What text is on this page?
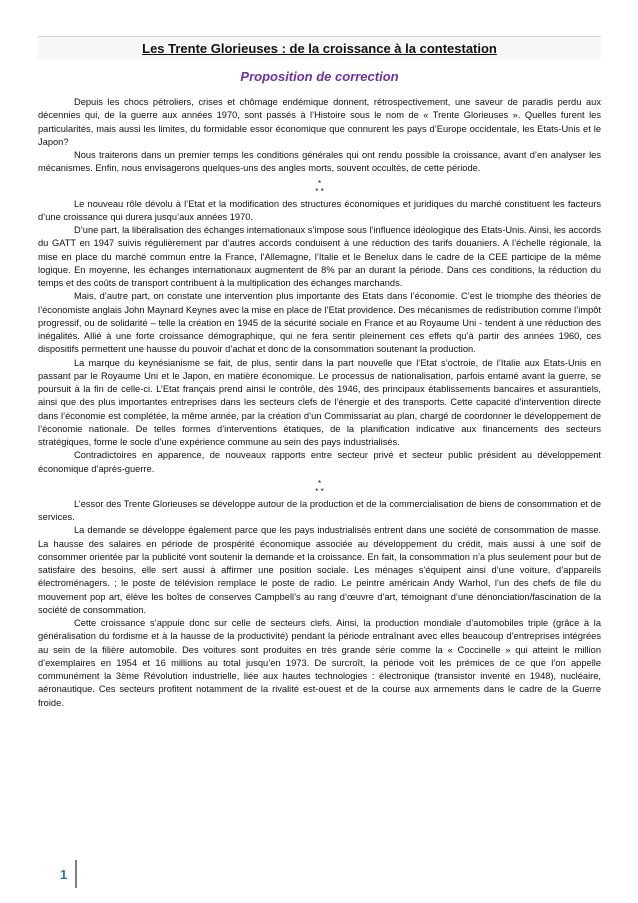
Les Trente Glorieuses : de la croissance à la contestation
Proposition de correction

Depuis les chocs pétroliers, crises et chômage endémique donnent, rétrospectivement, une saveur de paradis perdu aux décennies qui, de la guerre aux années 1970, sont passés à l’Histoire sous le nom de « Trente Glorieuses ». Quelles furent les particularités, mais aussi les limites, du formidable essor économique que connurent les pays d’Europe occidentale, les Etats-Unis et le Japon?

Nous traiterons dans un premier temps les conditions générales qui ont rendu possible la croissance, avant d’en analyser les mécanismes. Enfin, nous envisagerons quelques-uns des angles morts, souvent occultés, de cette période.

*
* *

Le nouveau rôle dévolu à l’Etat et la modification des structures économiques et juridiques du marché constituent les facteurs d’une croissance qui durera jusqu’aux années 1970.

D’une part, la libéralisation des échanges internationaux s’impose sous l’influence idéologique des Etats-Unis. Ainsi, les accords du GATT en 1947 suivis régulièrement par d’autres accords conduisent à une réduction des tarifs douaniers. A l’échelle régionale, la mise en place du marché commun entre la France, l’Allemagne, l’Italie et le Benelux dans le cadre de la CEE participe de la même logique. En moyenne, les échanges internationaux augmentent de 8% par an durant la période. Dans ces conditions, la réduction du temps et des coûts de transport contribuent à la multiplication des échanges marchands.

Mais, d’autre part, on constate une intervention plus importante des Etats dans l’économie. C’est le triomphe des théories de l’économiste anglais John Maynard Keynes avec la mise en place de l’Etat providence. Des mécanismes de redistribution comme l’impôt progressif, ou de solidarité – telle la création en 1945 de la sécurité sociale en France et au Royaume Uni - tendent à une réduction des inégalités. Allié à une forte croissance démographique, qui ne fera sentir pleinement ces effets qu’à partir des années 1960, ces dispositifs permettent une hausse du pouvoir d’achat et donc de la consommation soutenant la production.

La marque du keynésianisme se fait, de plus, sentir dans la part nouvelle que l’Etat s’octroie, de l’Italie aux Etats-Unis en passant par le Royaume Uni et le Japon, en matière économique. Le processus de nationalisation, parfois entamé avant la guerre, se poursuit à la fin de celle-ci. L’Etat français prend ainsi le contrôle, dès 1946, des principaux établissements bancaires et assurantiels, ainsi que des plus importantes entreprises dans les secteurs clefs de l’énergie et des transports. Cette capacité d’intervention directe dans l’économie est complétée, la même année, par la création d’un Commissariat au plan, chargé de coordonner le développement de l’économie nationale. De telles formes d’interventions étatiques, de la planification indicative aux financements des secteurs stratégiques, forme le socle d’une expérience commune au sein des pays industrialisés.

Contradictoires en apparence, de nouveaux rapports entre secteur privé et secteur public président au développement économique d’après-guerre.

*
* *

L’essor des Trente Glorieuses se développe autour de la production et de la commercialisation de biens de consommation et de services.

La demande se développe également parce que les pays industrialisés entrent dans une société de consommation de masse. La hausse des salaires en période de prospérité économique associée au développement du crédit, mais aussi à une soif de consommer orientée par la publicité vont soutenir la demande et la croissance. En fait, la consommation n’a plus seulement pour but de satisfaire des besoins, elle sert aussi à affirmer une position sociale. Les ménages s’équipent ainsi d’une voiture, d’appareils électroménagers. ; le poste de télévision remplace le poste de radio. Le peintre américain Andy Warhol, l’un des chefs de file du mouvement pop art, élève les boîtes de conserves Campbell’s au rang d’œuvre d’art, témoignant d’une dénonciation/fascination de la société de consommation.

Cette croissance s’appuie donc sur celle de secteurs clefs. Ainsi, la production mondiale d’automobiles triple (grâce à la généralisation du fordisme et à la hausse de la productivité) pendant la période entraînant avec elles beaucoup d’entreprises intégrées au sein de la filière automobile. Des voitures sont produites en très grande série comme la « Coccinelle » qui atteint le million d’exemplaires en 1954 et 16 millions au total jusqu’en 1973. De surcroît, la période voit les prémices de ce que l’on appelle communément la 3ème Révolution industrielle, liée aux hautes technologies : électronique (transistor inventé en 1948), nucléaire, aéronautique. Ces secteurs profitent notamment de la rivalité est-ouest et de la course aux armements dans le cadre de la Guerre froide.

1
